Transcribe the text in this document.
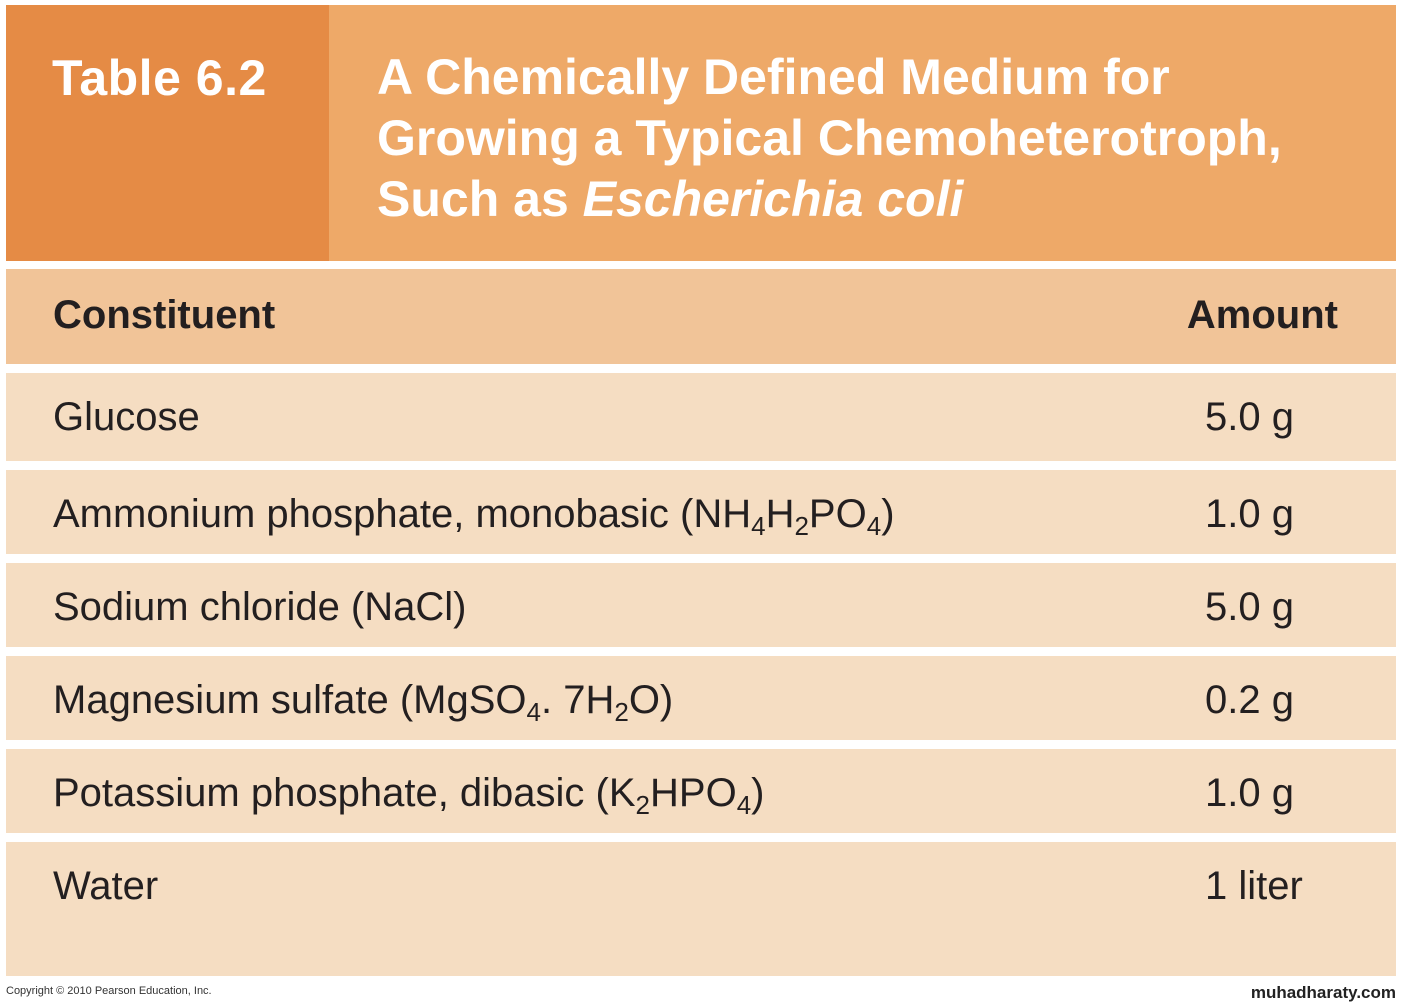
Table 6.2 A Chemically Defined Medium for
Growing a Typical Chemoheterotroph,
Such as Escherichia coli
Constituent	Amount
Glucose	5.0 g
Ammonium phosphate, monobasic $(NH_4H_2PO_4)$	1.0 g
Sodium chloride (NaCl)	5.0 g
Magnesium sulfate (MgSO$_4$. $7H_2O$)	0.2 g
Potassium phosphate, dibasic $(K_2HPO_4)$	1.0 g
Water	1 liter
Copyright © 2010 Pearson Education, Inc.	muhadharaty.com
